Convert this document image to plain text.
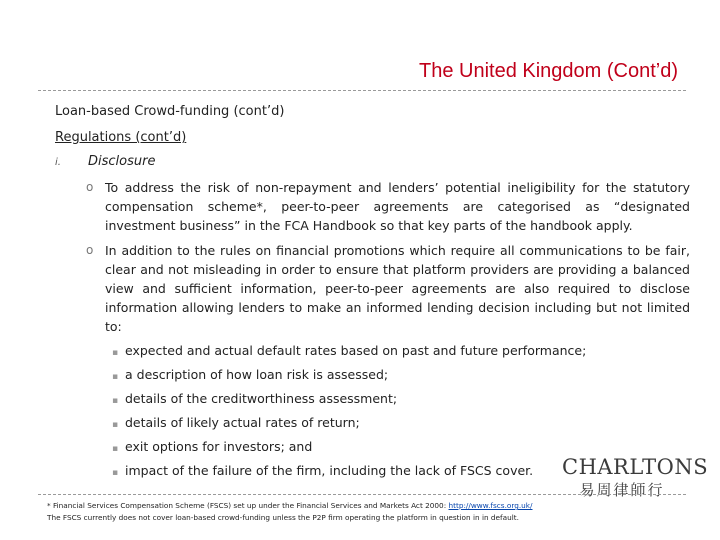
The United Kingdom (Cont’d)
Loan-based Crowd-funding (cont’d)
Regulations (cont’d)
i. Disclosure
o To address the risk of non-repayment and lenders’ potential ineligibility for the statutory compensation scheme*, peer-to-peer agreements are categorised as “designated investment business” in the FCA Handbook so that key parts of the handbook apply.
o In addition to the rules on financial promotions which require all communications to be fair, clear and not misleading in order to ensure that platform providers are providing a balanced view and sufficient information, peer-to-peer agreements are also required to disclose information allowing lenders to make an informed lending decision including but not limited to:
▪ expected and actual default rates based on past and future performance;
▪ a description of how loan risk is assessed;
▪ details of the creditworthiness assessment;
▪ details of likely actual rates of return;
▪ exit options for investors; and
▪ impact of the failure of the firm, including the lack of FSCS cover. CHARLTONS
易周律師行
* Financial Services Compensation Scheme (FSCS) set up under the Financial Services and Markets Act 2000: http://www.fscs.org.uk/
The FSCS currently does not cover loan-based crowd-funding unless the P2P firm operating the platform in question in in default.
